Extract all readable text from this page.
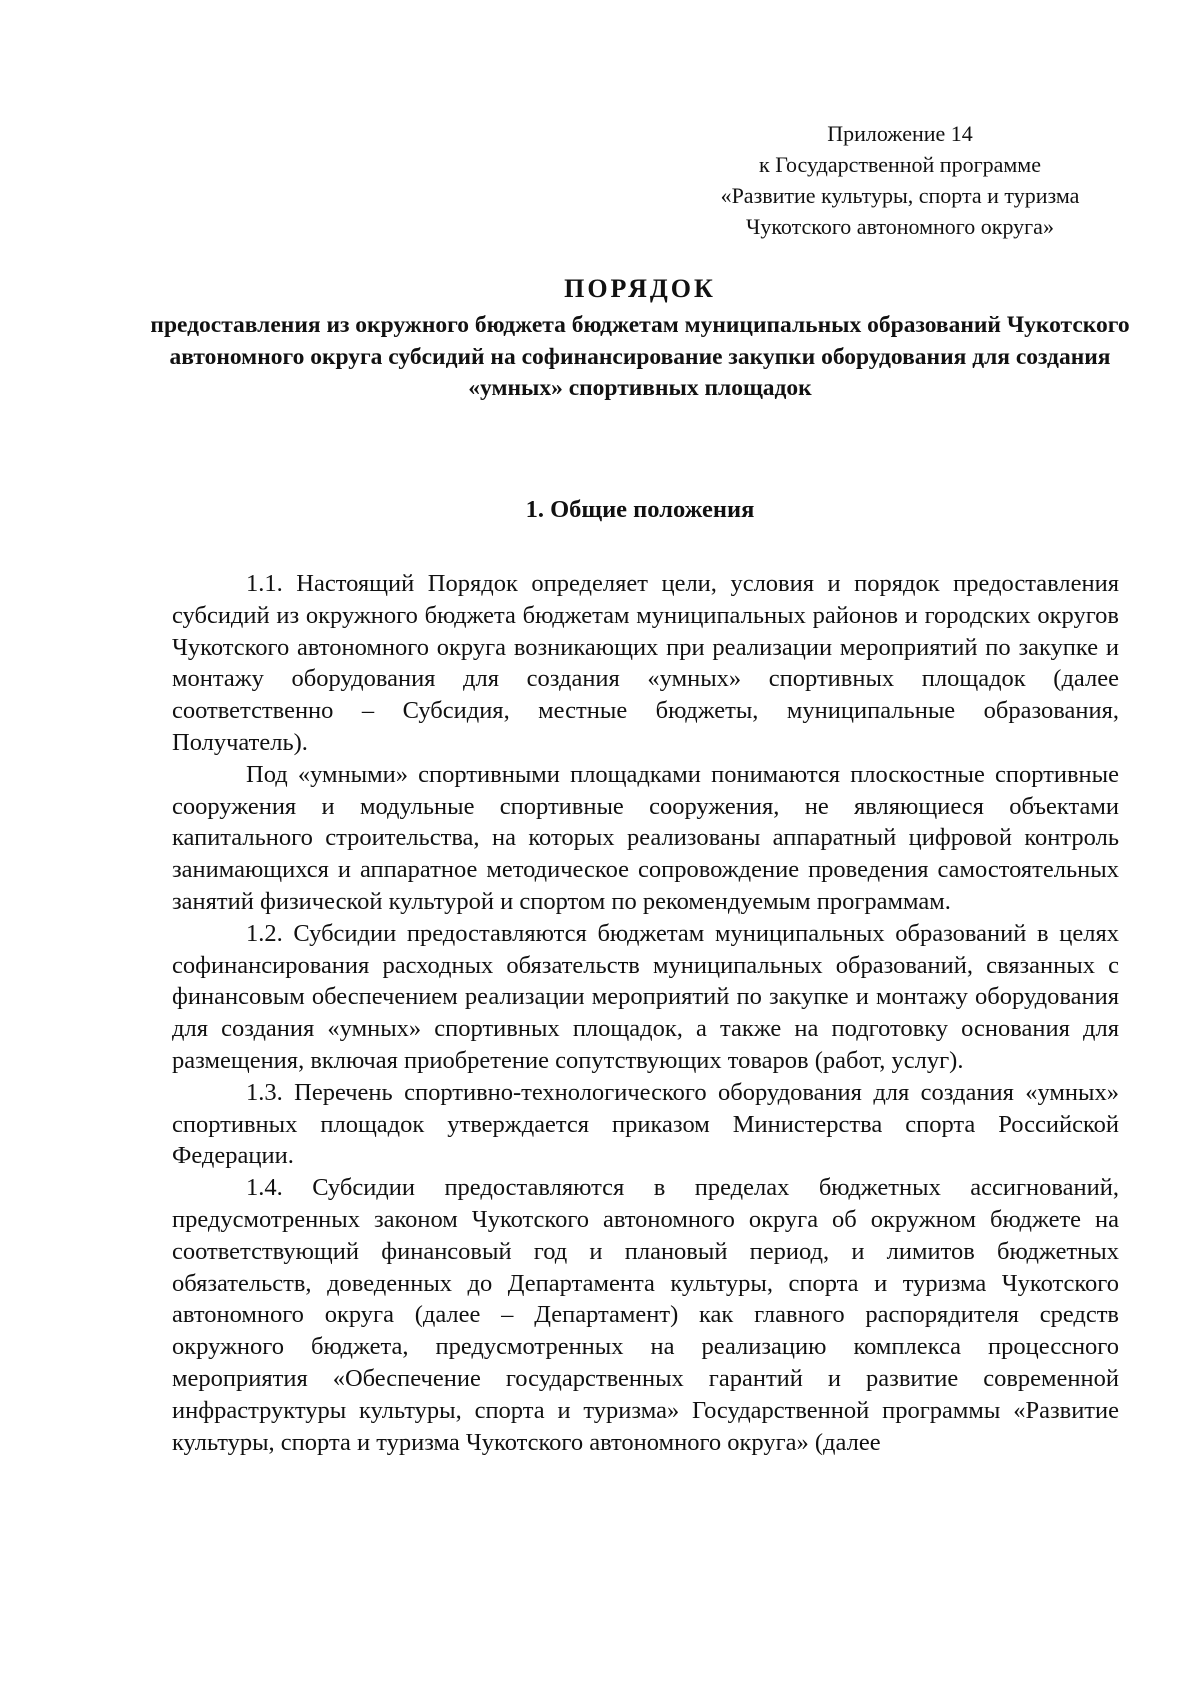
Приложение 14
к Государственной программе
«Развитие культуры, спорта и туризма
Чукотского автономного округа»
ПОРЯДОК
предоставления из окружного бюджета бюджетам муниципальных образований Чукотского автономного округа субсидий на софинансирование закупки оборудования для создания «умных» спортивных площадок
1. Общие положения

1.1. Настоящий Порядок определяет цели, условия и порядок предоставления субсидий из окружного бюджета бюджетам муниципальных районов и городских округов Чукотского автономного округа возникающих при реализации мероприятий по закупке и монтажу оборудования для создания «умных» спортивных площадок (далее соответственно – Субсидия, местные бюджеты, муниципальные образования, Получатель).

Под «умными» спортивными площадками понимаются плоскостные спортивные сооружения и модульные спортивные сооружения, не являющиеся объектами капитального строительства, на которых реализованы аппаратный цифровой контроль занимающихся и аппаратное методическое сопровождение проведения самостоятельных занятий физической культурой и спортом по рекомендуемым программам.

1.2. Субсидии предоставляются бюджетам муниципальных образований в целях софинансирования расходных обязательств муниципальных образований, связанных с финансовым обеспечением реализации мероприятий по закупке и монтажу оборудования для создания «умных» спортивных площадок, а также на подготовку основания для размещения, включая приобретение сопутствующих товаров (работ, услуг).

1.3. Перечень спортивно-технологического оборудования для создания «умных» спортивных площадок утверждается приказом Министерства спорта Российской Федерации.

1.4. Субсидии предоставляются в пределах бюджетных ассигнований, предусмотренных законом Чукотского автономного округа об окружном бюджете на соответствующий финансовый год и плановый период, и лимитов бюджетных обязательств, доведенных до Департамента культуры, спорта и туризма Чукотского автономного округа (далее – Департамент) как главного распорядителя средств окружного бюджета, предусмотренных на реализацию комплекса процессного мероприятия «Обеспечение государственных гарантий и развитие современной инфраструктуры культуры, спорта и туризма» Государственной программы «Развитие культуры, спорта и туризма Чукотского автономного округа» (далее
